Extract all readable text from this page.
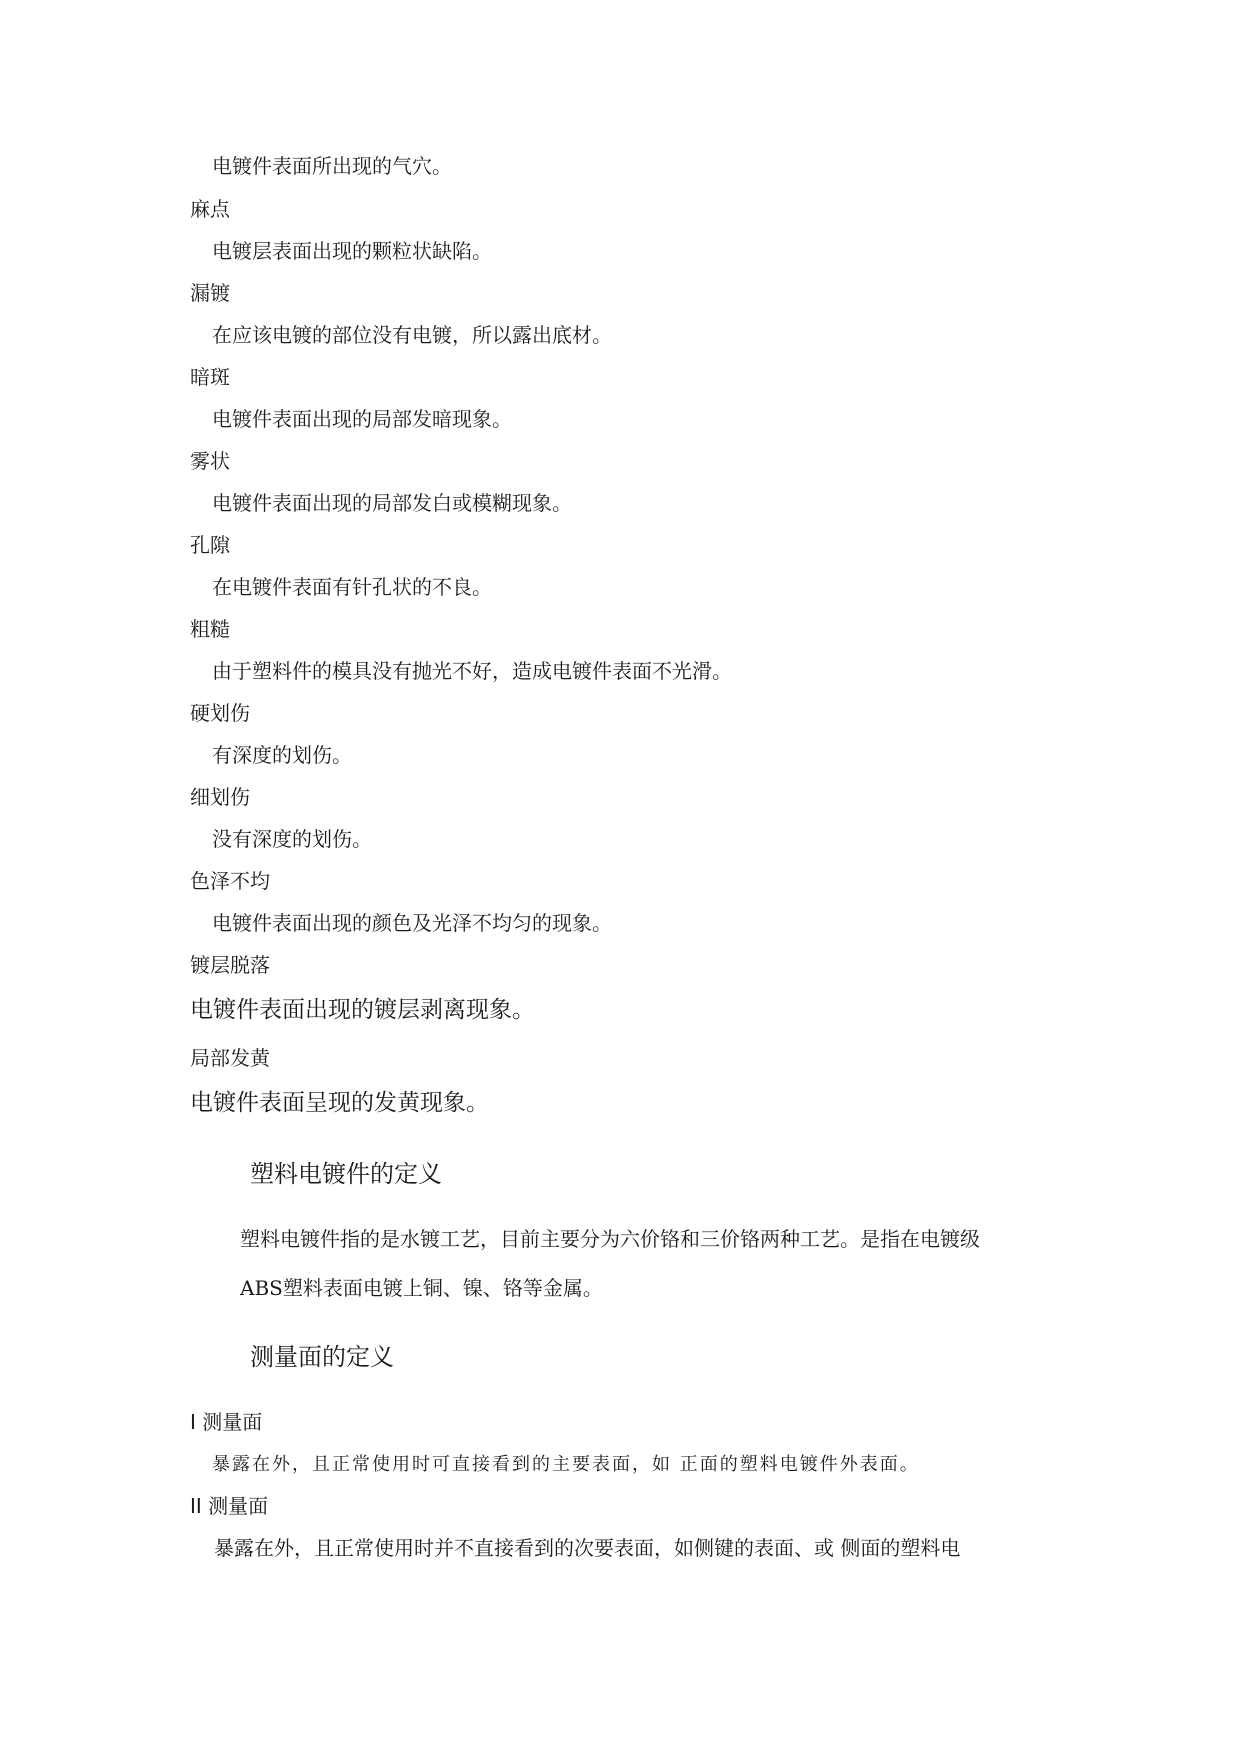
电镀件表面所出现的气穴。
麻点
电镀层表面出现的颗粒状缺陷。
漏镀
在应该电镀的部位没有电镀，所以露出底材。
暗斑
电镀件表面出现的局部发暗现象。
雾状
电镀件表面出现的局部发白或模糊现象。
孔隙
在电镀件表面有针孔状的不良。
粗糙
由于塑料件的模具没有抛光不好，造成电镀件表面不光滑。
硬划伤
有深度的划伤。
细划伤
没有深度的划伤。
色泽不均
电镀件表面出现的颜色及光泽不均匀的现象。
镀层脱落
电镀件表面出现的镀层剥离现象。
局部发黄
电镀件表面呈现的发黄现象。
塑料电镀件的定义
塑料电镀件指的是水镀工艺，目前主要分为六价铬和三价铬两种工艺。是指在电镀级
ABS塑料表面电镀上铜、镍、铬等金属。
测量面的定义
I 测量面
暴露在外，且正常使用时可直接看到的主要表面，如 正面的塑料电镀件外表面。
II 测量面
暴露在外，且正常使用时并不直接看到的次要表面，如侧键的表面、或 侧面的塑料电
